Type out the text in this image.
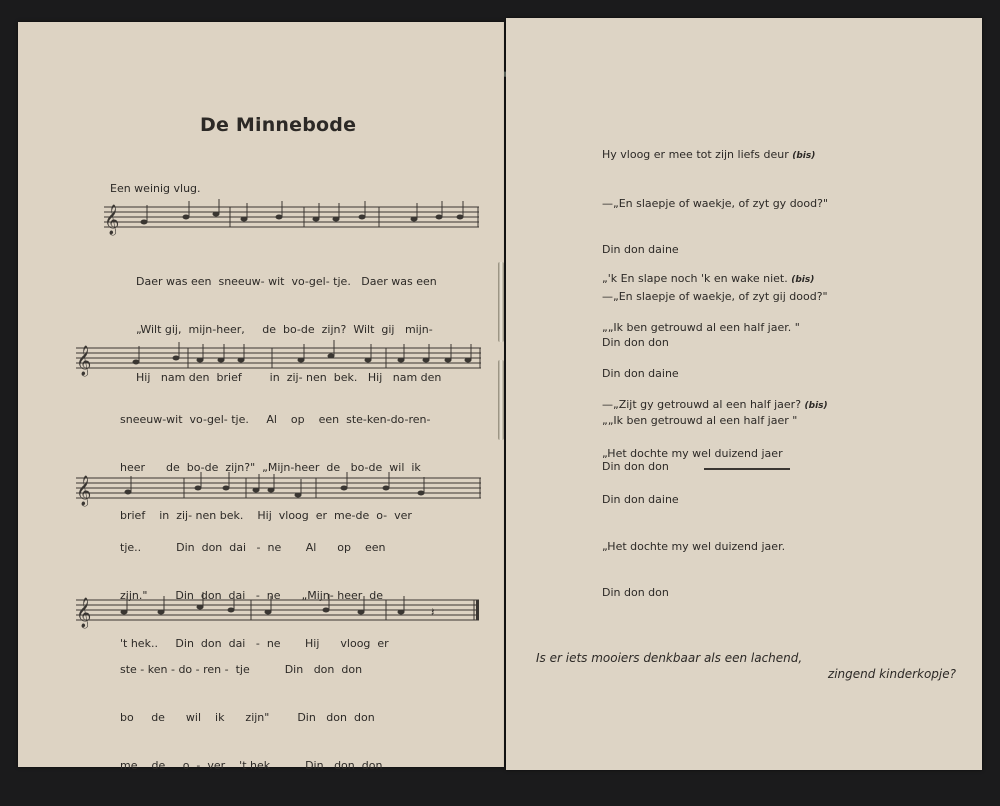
De Minnebode
Een weinig vlug.
𝄞

Daer was een  sneeuw- wit  vo-gel- tje.   Daer was een

„Wilt gij,  mijn-heer,     de  bo-de  zijn?  Wilt  gij   mijn-

Hij   nam den  brief        in  zij- nen  bek.   Hij   nam den

𝄞

sneeuw-wit  vo-gel- tje.     Al    op    een  ste-ken-do-ren-

heer      de  bo-de  zijn?"  „Mijn-heer  de   bo-de  wil  ik

brief    in  zij- nen bek.    Hij  vloog  er  me-de  o-  ver

𝄞

tje..          Din  don  dai   -  ne       Al      op    een

zijn."        Din  don  dai   -  ne      „Mijn- heer  de

't hek..     Din  don  dai   -  ne       Hij      vloog  er

𝄞	𝄽

ste - ken - do - ren -  tje          Din   don  don

bo     de      wil    ik      zijn"        Din   don  don

me    de     o  -  ver    't hek          Din   don  don

Hy vloog er mee tot zijn liefs deur (bis)

—„En slaepje of waekje, of zyt gy dood?"

Din don daine

—„En slaepje of waekje, of zyt gij dood?"

Din don don

„'k En slape noch 'k en wake niet. (bis)

„„Ik ben getrouwd al een half jaer. "

Din don daine

„„Ik ben getrouwd al een half jaer "

Din don don

—„Zijt gy getrouwd al een half jaer? (bis)

„Het dochte my wel duizend jaer

Din don daine

„Het dochte my wel duizend jaer.

Din don don

Is er iets mooiers denkbaar als een lachend,
zingend kinderkopje?
